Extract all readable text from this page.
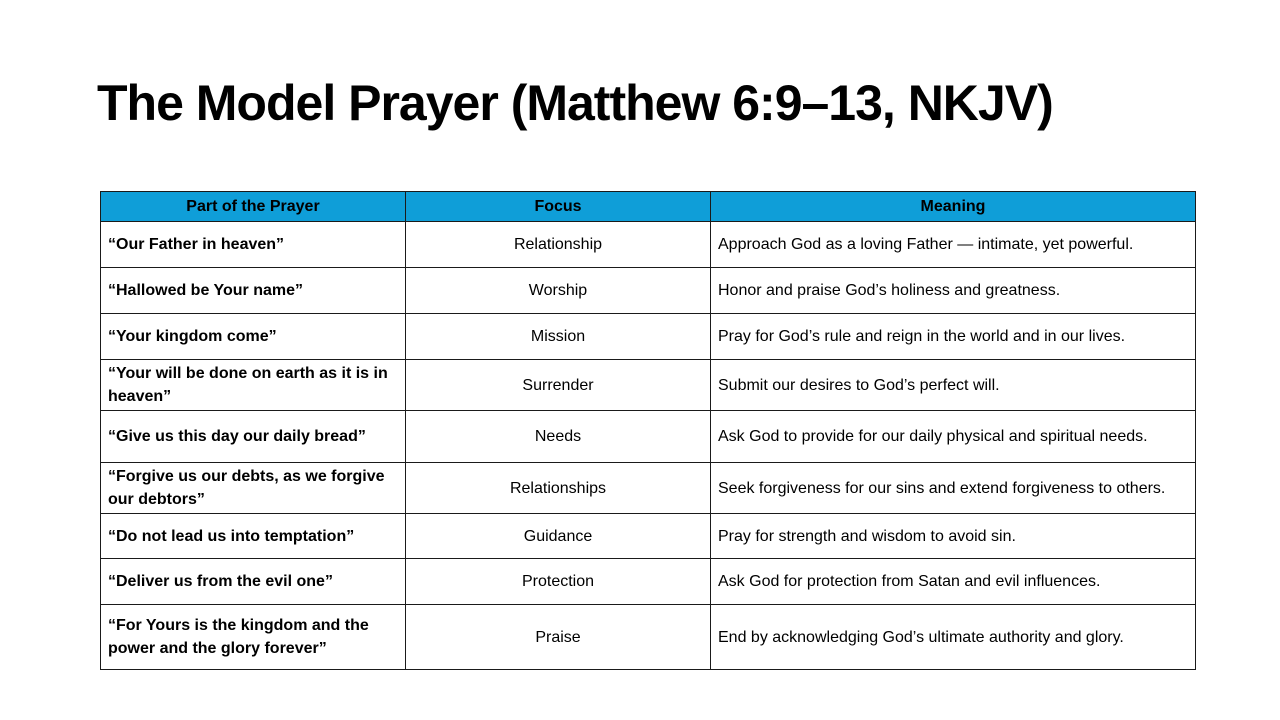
The Model Prayer (Matthew 6:9–13, NKJV)
Part of the Prayer	Focus	Meaning
“Our Father in heaven”	Relationship	Approach God as a loving Father — intimate, yet powerful.
“Hallowed be Your name”	Worship	Honor and praise God’s holiness and greatness.
“Your kingdom come”	Mission	Pray for God’s rule and reign in the world and in our lives.
“Your will be done on earth as it is in heaven”	Surrender	Submit our desires to God’s perfect will.
“Give us this day our daily bread”	Needs	Ask God to provide for our daily physical and spiritual needs.
“Forgive us our debts, as we forgive our debtors”	Relationships	Seek forgiveness for our sins and extend forgiveness to others.
“Do not lead us into temptation”	Guidance	Pray for strength and wisdom to avoid sin.
“Deliver us from the evil one”	Protection	Ask God for protection from Satan and evil influences.
“For Yours is the kingdom and the power and the glory forever”	Praise	End by acknowledging God’s ultimate authority and glory.
